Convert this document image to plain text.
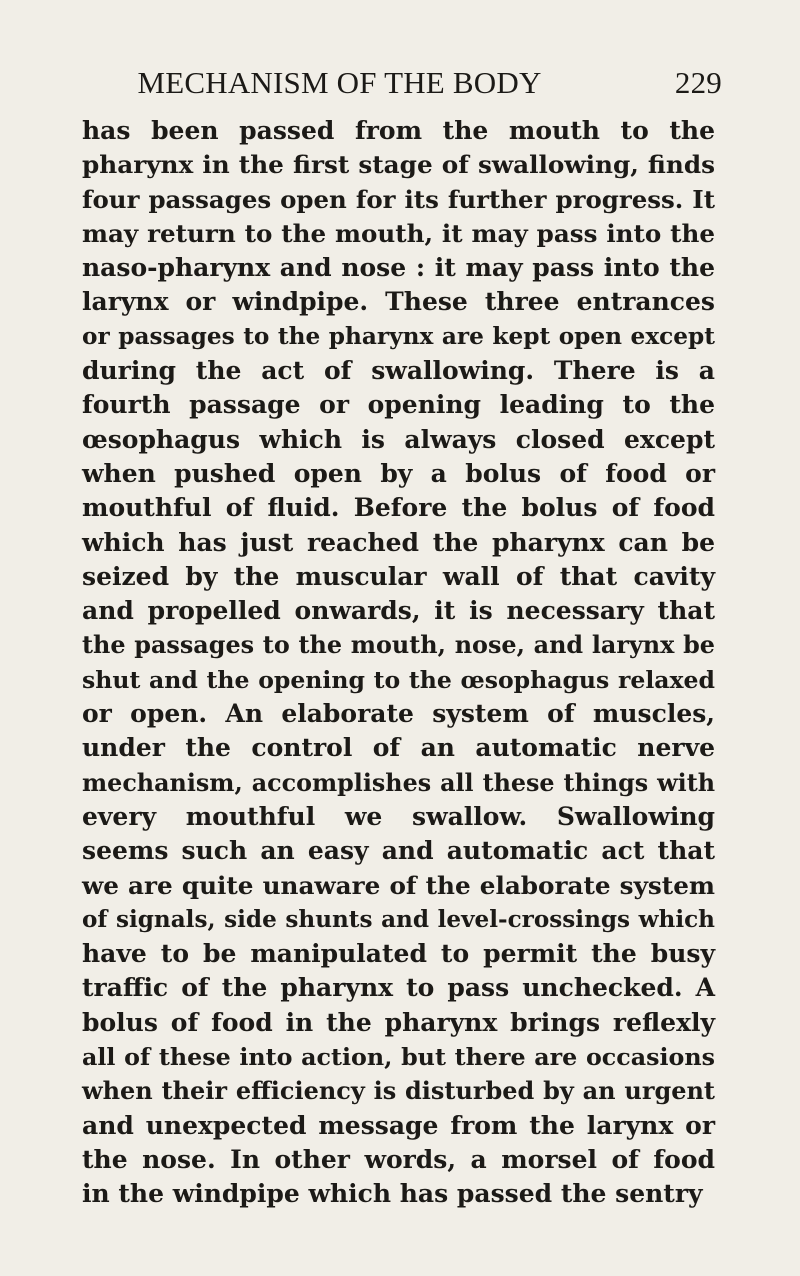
MECHANISM OF THE BODY	229
has been passed from the mouth to the
pharynx in the first stage of swallowing, finds
four passages open for its further progress. It
may return to the mouth, it may pass into the
naso-pharynx and nose : it may pass into the
larynx or windpipe. These three entrances
or passages to the pharynx are kept open except
during the act of swallowing. There is a
fourth passage or opening leading to the
œsophagus which is always closed except
when pushed open by a bolus of food or
mouthful of fluid. Before the bolus of food
which has just reached the pharynx can be
seized by the muscular wall of that cavity
and propelled onwards, it is necessary that
the passages to the mouth, nose, and larynx be
shut and the opening to the œsophagus relaxed
or open. An elaborate system of muscles,
under the control of an automatic nerve
mechanism, accomplishes all these things with
every mouthful we swallow. Swallowing
seems such an easy and automatic act that
we are quite unaware of the elaborate system
of signals, side shunts and level-crossings which
have to be manipulated to permit the busy
traffic of the pharynx to pass unchecked. A
bolus of food in the pharynx brings reflexly
all of these into action, but there are occasions
when their efficiency is disturbed by an urgent
and unexpected message from the larynx or
the nose. In other words, a morsel of food
in the windpipe which has passed the sentry
